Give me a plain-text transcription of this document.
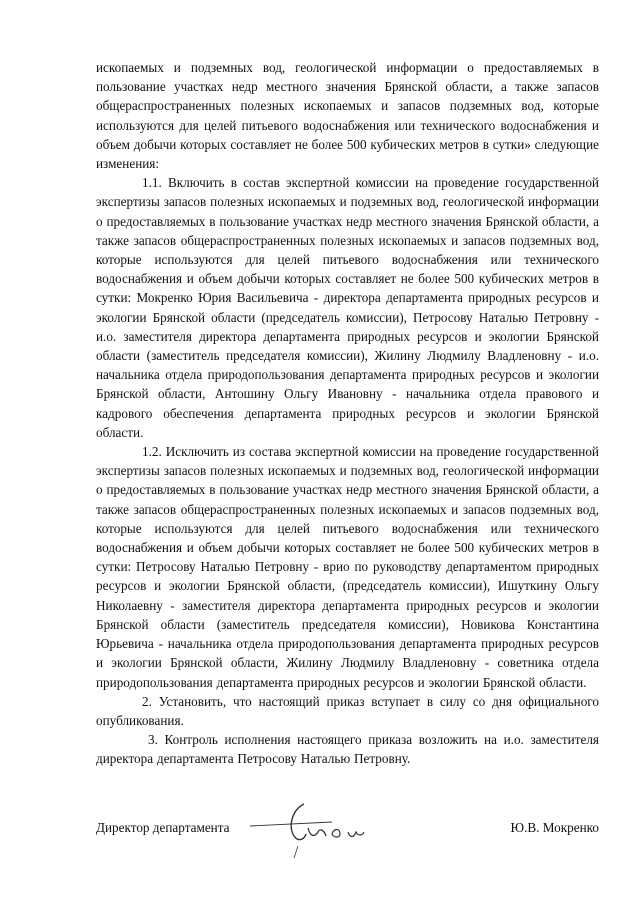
ископаемых и подземных вод, геологической информации о предоставляемых в пользование участках недр местного значения Брянской области, а также запасов общераспространенных полезных ископаемых и запасов подземных вод, которые используются для целей питьевого водоснабжения или технического водоснабжения и объем добычи которых составляет не более 500 кубических метров в сутки» следующие изменения:

1.1. Включить в состав экспертной комиссии на проведение государственной экспертизы запасов полезных ископаемых и подземных вод, геологической информации о предоставляемых в пользование участках недр местного значения Брянской области, а также запасов общераспространенных полезных ископаемых и запасов подземных вод, которые используются для целей питьевого водоснабжения или технического водоснабжения и объем добычи которых составляет не более 500 кубических метров в сутки: Мокренко Юрия Васильевича - директора департамента природных ресурсов и экологии Брянской области (председатель комиссии), Петросову Наталью Петровну - и.о. заместителя директора департамента природных ресурсов и экологии Брянской области (заместитель председателя комиссии), Жилину Людмилу Владленовну - и.о. начальника отдела природопользования департамента природных ресурсов и экологии Брянской области, Антошину Ольгу Ивановну - начальника отдела правового и кадрового обеспечения департамента природных ресурсов и экологии Брянской области.

1.2. Исключить из состава экспертной комиссии на проведение государственной экспертизы запасов полезных ископаемых и подземных вод, геологической информации о предоставляемых в пользование участках недр местного значения Брянской области, а также запасов общераспространенных полезных ископаемых и запасов подземных вод, которые используются для целей питьевого водоснабжения или технического водоснабжения и объем добычи которых составляет не более 500 кубических метров в сутки: Петросову Наталью Петровну - врио по руководству департаментом природных ресурсов и экологии Брянской области, (председатель комиссии), Ишуткину Ольгу Николаевну - заместителя директора департамента природных ресурсов и экологии Брянской области (заместитель председателя комиссии), Новикова Константина Юрьевича - начальника отдела природопользования департамента природных ресурсов и экологии Брянской области, Жилину Людмилу Владленовну - советника отдела природопользования департамента природных ресурсов и экологии Брянской области.

2. Установить, что настоящий приказ вступает в силу со дня официального опубликования.

3. Контроль исполнения настоящего приказа возложить на и.о. заместителя директора департамента Петросову Наталью Петровну.

Директор департамента	Ю.В. Мокренко
